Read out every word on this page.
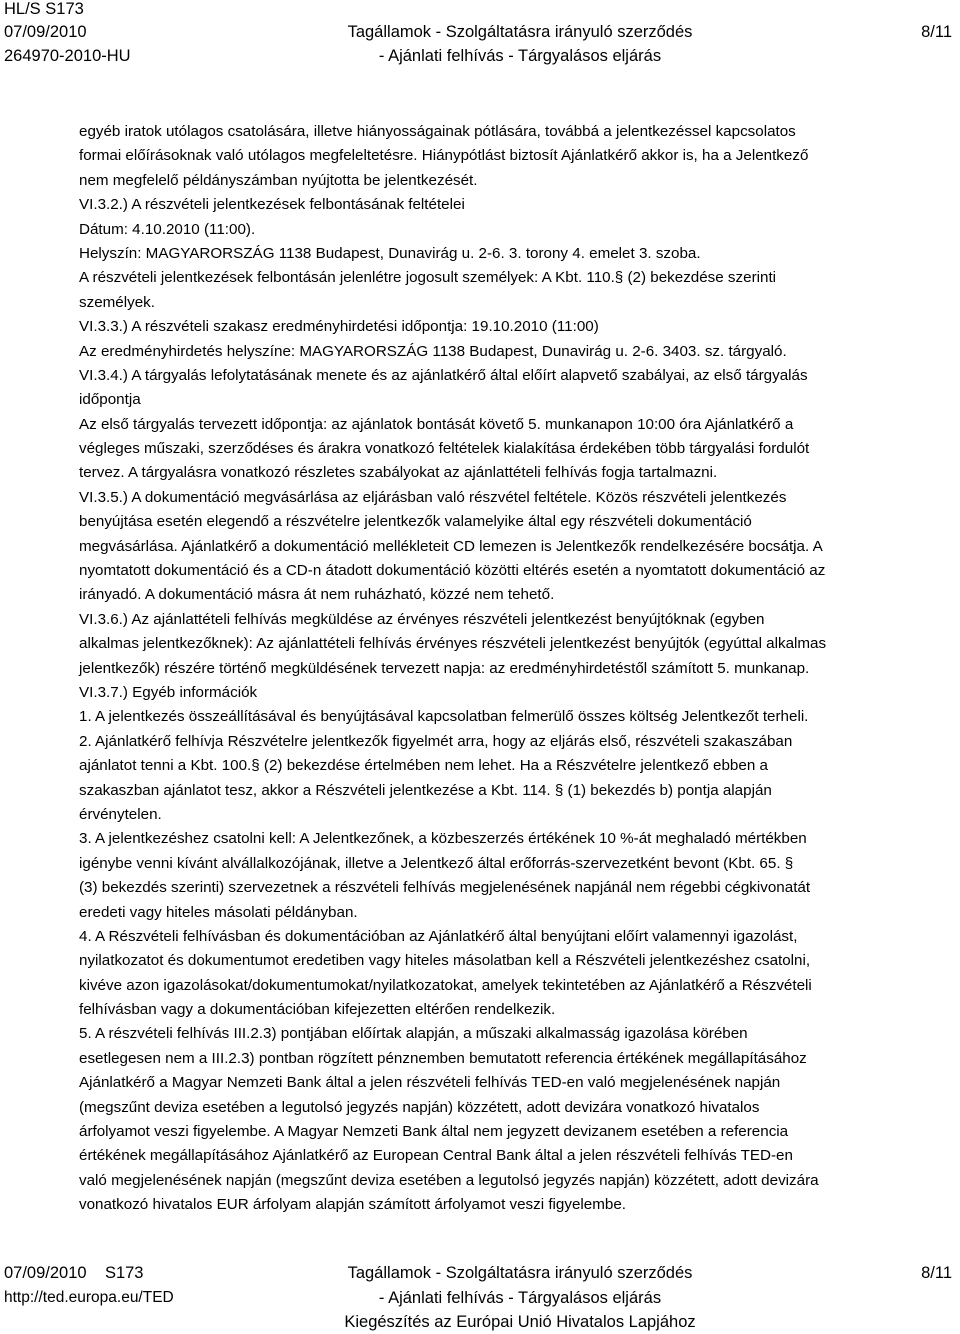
HL/S S173
07/09/2010
264970-2010-HU
Tagállamok - Szolgáltatásra irányuló szerződés
- Ajánlati felhívás - Tárgyalásos eljárás
8/11
egyéb iratok utólagos csatolására, illetve hiányosságainak pótlására, továbbá a jelentkezéssel kapcsolatos
formai előírásoknak való utólagos megfeleltetésre. Hiánypótlást biztosít Ajánlatkérő akkor is, ha a Jelentkező
nem megfelelő példányszámban nyújtotta be jelentkezését.
VI.3.2.) A részvételi jelentkezések felbontásának feltételei
Dátum: 4.10.2010 (11:00).
Helyszín: MAGYARORSZÁG 1138 Budapest, Dunavirág u. 2-6. 3. torony 4. emelet 3. szoba.
A részvételi jelentkezések felbontásán jelenlétre jogosult személyek: A Kbt. 110.§ (2) bekezdése szerinti
személyek.
VI.3.3.) A részvételi szakasz eredményhirdetési időpontja: 19.10.2010 (11:00)
Az eredményhirdetés helyszíne: MAGYARORSZÁG 1138 Budapest, Dunavirág u. 2-6. 3403. sz. tárgyaló.
VI.3.4.) A tárgyalás lefolytatásának menete és az ajánlatkérő által előírt alapvető szabályai, az első tárgyalás
időpontja
Az első tárgyalás tervezett időpontja: az ajánlatok bontását követő 5. munkanapon 10:00 óra Ajánlatkérő a
végleges műszaki, szerződéses és árakra vonatkozó feltételek kialakítása érdekében több tárgyalási fordulót
tervez. A tárgyalásra vonatkozó részletes szabályokat az ajánlattételi felhívás fogja tartalmazni.
VI.3.5.) A dokumentáció megvásárlása az eljárásban való részvétel feltétele. Közös részvételi jelentkezés
benyújtása esetén elegendő a részvételre jelentkezők valamelyike által egy részvételi dokumentáció
megvásárlása. Ajánlatkérő a dokumentáció mellékleteit CD lemezen is Jelentkezők rendelkezésére bocsátja. A
nyomtatott dokumentáció és a CD-n átadott dokumentáció közötti eltérés esetén a nyomtatott dokumentáció az
irányadó. A dokumentáció másra át nem ruházható, közzé nem tehető.
VI.3.6.) Az ajánlattételi felhívás megküldése az érvényes részvételi jelentkezést benyújtóknak (egyben
alkalmas jelentkezőknek): Az ajánlattételi felhívás érvényes részvételi jelentkezést benyújtók (egyúttal alkalmas
jelentkezők) részére történő megküldésének tervezett napja: az eredményhirdetéstől számított 5. munkanap.
VI.3.7.) Egyéb információk
1. A jelentkezés összeállításával és benyújtásával kapcsolatban felmerülő összes költség Jelentkezőt terheli.
2. Ajánlatkérő felhívja Részvételre jelentkezők figyelmét arra, hogy az eljárás első, részvételi szakaszában
ajánlatot tenni a Kbt. 100.§ (2) bekezdése értelmében nem lehet. Ha a Részvételre jelentkező ebben a
szakaszban ajánlatot tesz, akkor a Részvételi jelentkezése a Kbt. 114. § (1) bekezdés b) pontja alapján
érvénytelen.
3. A jelentkezéshez csatolni kell: A Jelentkezőnek, a közbeszerzés értékének 10 %-át meghaladó mértékben
igénybe venni kívánt alvállalkozójának, illetve a Jelentkező által erőforrás-szervezetként bevont (Kbt. 65. §
(3) bekezdés szerinti) szervezetnek a részvételi felhívás megjelenésének napjánál nem régebbi cégkivonatát
eredeti vagy hiteles másolati példányban.
4. A Részvételi felhívásban és dokumentációban az Ajánlatkérő által benyújtani előírt valamennyi igazolást,
nyilatkozatot és dokumentumot eredetiben vagy hiteles másolatban kell a Részvételi jelentkezéshez csatolni,
kivéve azon igazolásokat/dokumentumokat/nyilatkozatokat, amelyek tekintetében az Ajánlatkérő a Részvételi
felhívásban vagy a dokumentációban kifejezetten eltérően rendelkezik.
5. A részvételi felhívás III.2.3) pontjában előírtak alapján, a műszaki alkalmasság igazolása körében
esetlegesen nem a III.2.3) pontban rögzített pénznemben bemutatott referencia értékének megállapításához
Ajánlatkérő a Magyar Nemzeti Bank által a jelen részvételi felhívás TED-en való megjelenésének napján
(megszűnt deviza esetében a legutolsó jegyzés napján) közzétett, adott devizára vonatkozó hivatalos
árfolyamot veszi figyelembe. A Magyar Nemzeti Bank által nem jegyzett devizanem esetében a referencia
értékének megállapításához Ajánlatkérő az European Central Bank által a jelen részvételi felhívás TED-en
való megjelenésének napján (megszűnt deviza esetében a legutolsó jegyzés napján) közzétett, adott devizára
vonatkozó hivatalos EUR árfolyam alapján számított árfolyamot veszi figyelembe.
07/09/2010 S173
http://ted.europa.eu/TED
Tagállamok - Szolgáltatásra irányuló szerződés
- Ajánlati felhívás - Tárgyalásos eljárás
Kiegészítés az Európai Unió Hivatalos Lapjához
8/11
